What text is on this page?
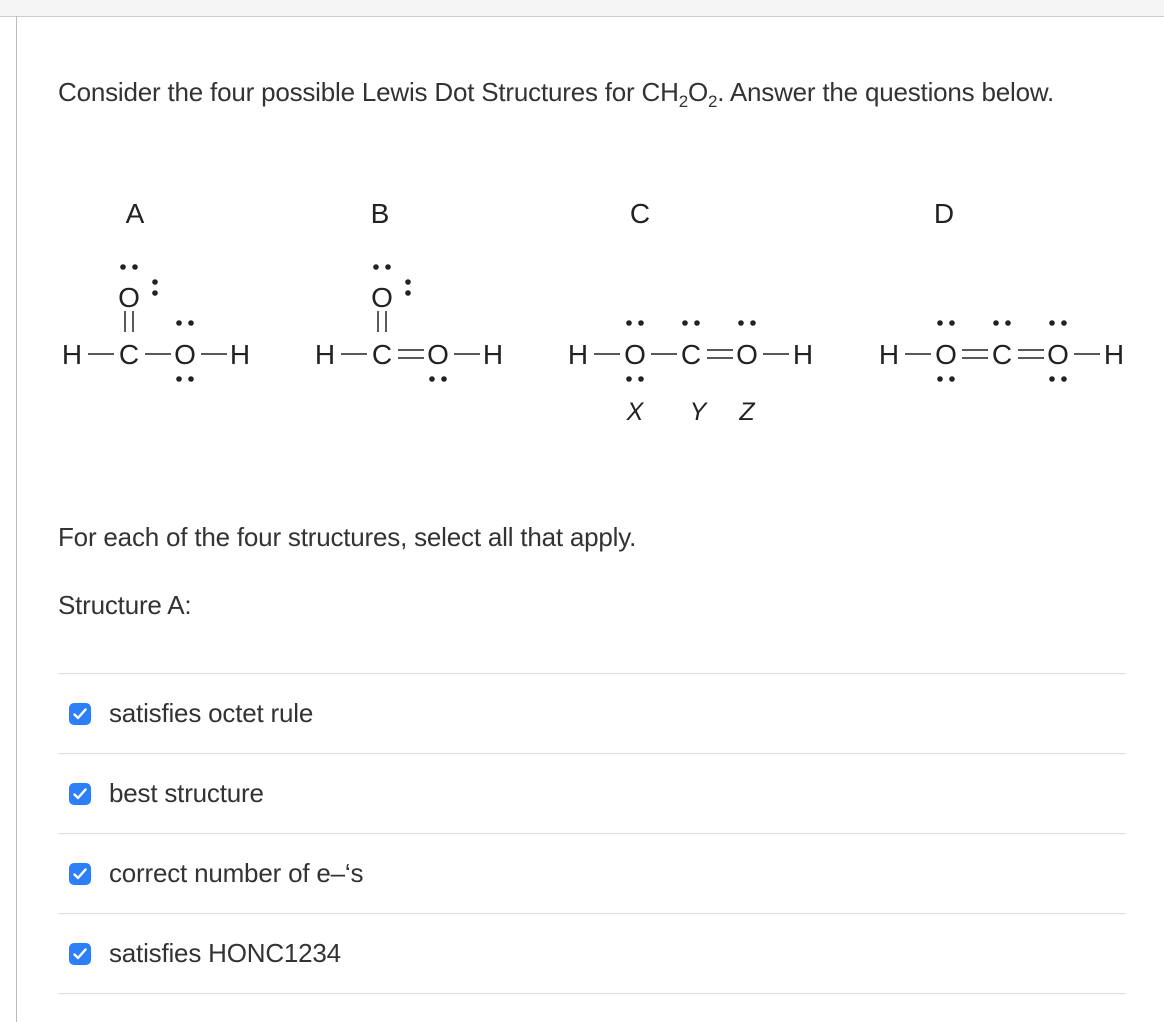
Consider the four possible Lewis Dot Structures for $CH_2O_2$. Answer the questions below.
A	B	C	D
O
H C O H
O
H C O H H O C O H
X Y Z
H O C O H
For each of the four structures, select all that apply.
Structure A:
satisfies octet rule
best structure
correct number of e–‘s
satisfies HONC1234
